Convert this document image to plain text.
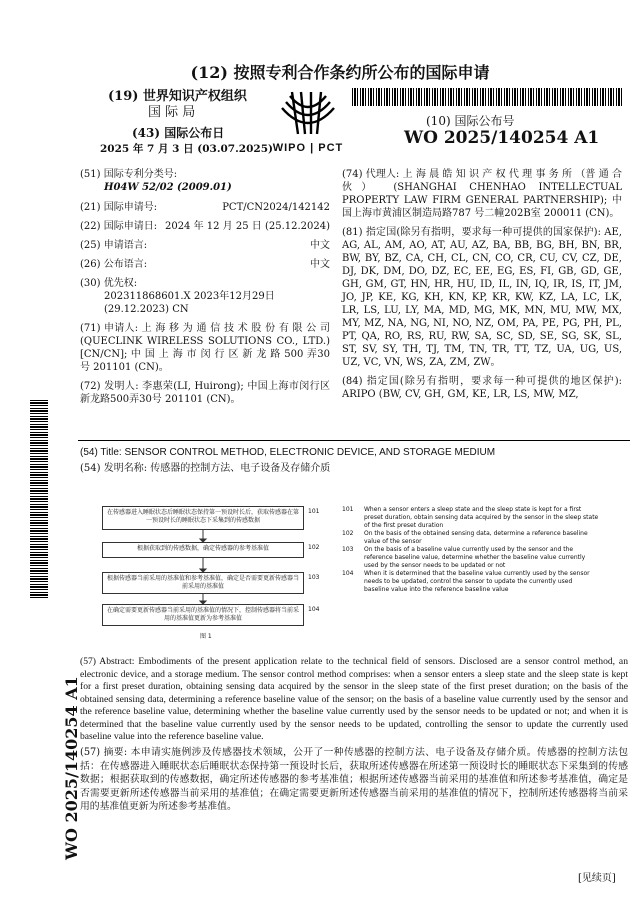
(12) 按照专利合作条约所公布的国际申请
(19) 世界知识产权组织
国 际 局
(43) 国际公布日
2025 年 7 月 3 日 (03.07.2025) WIPO | PCT
(10) 国际公布号
WO 2025/140254 A1
WO 2025/140254 A1
(51) 国际专利分类号:
H04W 52/02 (2009.01)
(21) 国际申请号:	PCT/CN2024/142142
(22) 国际申请日: 2024 年 12 月 25 日 (25.12.2024)
(25) 申请语言:	中文
(26) 公布语言:	中文
(30) 优先权:
202311868601.X 2023年12月29日 (29.12.2023) CN
(71) 申请人: 上 海 移 为 通 信 技 术 股 份 有 限 公 司(QUECLINK WIRELESS SOLUTIONS CO., LTD.) [CN/CN]; 中 国 上 海 市 闵 行 区 新 龙 路 500 弄30号 201101 (CN)。
(72) 发明人: 李惠荣(LI, Huirong); 中国上海市闵行区新龙路500弄30号 201101 (CN)。
(74) 代理人: 上 海 晨 皓 知 识 产 权 代 理 事 务 所 （普 通 合 伙） (SHANGHAI CHENHAO INTELLECTUAL PROPERTY LAW FIRM GENERAL PARTNERSHIP); 中国上海市黄浦区制造局路787 号二幢202B室 200011 (CN)。
(81) 指定国(除另有指明，要求每一种可提供的国家保护): AE, AG, AL, AM, AO, AT, AU, AZ, BA, BB, BG, BH, BN, BR, BW, BY, BZ, CA, CH, CL, CN, CO, CR, CU, CV, CZ, DE, DJ, DK, DM, DO, DZ, EC, EE, EG, ES, FI, GB, GD, GE, GH, GM, GT, HN, HR, HU, ID, IL, IN, IQ, IR, IS, IT, JM, JO, JP, KE, KG, KH, KN, KP, KR, KW, KZ, LA, LC, LK, LR, LS, LU, LY, MA, MD, MG, MK, MN, MU, MW, MX, MY, MZ, NA, NG, NI, NO, NZ, OM, PA, PE, PG, PH, PL, PT, QA, RO, RS, RU, RW, SA, SC, SD, SE, SG, SK, SL, ST, SV, SY, TH, TJ, TM, TN, TR, TT, TZ, UA, UG, US, UZ, VC, VN, WS, ZA, ZM, ZW。
(84) 指定国(除另有指明，要求每一种可提供的地区保护): ARIPO (BW, CV, GH, GM, KE, LR, LS, MW, MZ,
(54) Title: SENSOR CONTROL METHOD, ELECTRONIC DEVICE, AND STORAGE MEDIUM
(54) 发明名称: 传感器的控制方法、电子设备及存储介质
在传感器进入睡眠状态后睡眠状态保持第一预设时长后，获取传感器在第一预设时长的睡眠状态下采集到的传感数据
101
根据获取到的传感数据，确定传感器的参考基准值	102
根据传感器当前采用的基准值和参考基准值，确定是否需要更新传感器当前采用的基准值
103
在确定需要更新传感器当前采用的基准值的情况下，控制传感器将当前采用的基准值更新为参考基准值
104
图 1
101 When a sensor enters a sleep state and the sleep state is kept for a first preset duration, obtain sensing data acquired by the sensor in the sleep state of the first preset duration
102 On the basis of the obtained sensing data, determine a reference baseline value of the sensor
103 On the basis of a baseline value currently used by the sensor and the reference baseline value, determine whether the baseline value currently used by the sensor needs to be updated or not
104 When it is determined that the baseline value currently used by the sensor needs to be updated, control the sensor to update the currently used baseline value into the reference baseline value
(57) Abstract: Embodiments of the present application relate to the technical field of sensors. Disclosed are a sensor control method, an electronic device, and a storage medium. The sensor control method comprises: when a sensor enters a sleep state and the sleep state is kept for a first preset duration, obtaining sensing data acquired by the sensor in the sleep state of the first preset duration; on the basis of the obtained sensing data, determining a reference baseline value of the sensor; on the basis of a baseline value currently used by the sensor and the reference baseline value, determining whether the baseline value currently used by the sensor needs to be updated or not; and when it is determined that the baseline value currently used by the sensor needs to be updated, controlling the sensor to update the currently used baseline value into the reference baseline value.
(57) 摘要: 本申请实施例涉及传感器技术领域，公开了一种传感器的控制方法、电子设备及存储介质。传感器的控制方法包括：在传感器进入睡眠状态后睡眠状态保持第一预设时长后，获取所述传感器在所述第一预设时长的睡眠状态下采集到的传感数据；根据获取到的传感数据，确定所述传感器的参考基准值；根据所述传感器当前采用的基准值和所述参考基准值，确定是否需要更新所述传感器当前采用的基准值；在确定需要更新所述传感器当前采用的基准值的情况下，控制所述传感器将当前采用的基准值更新为所述参考基准值。
[见续页]
